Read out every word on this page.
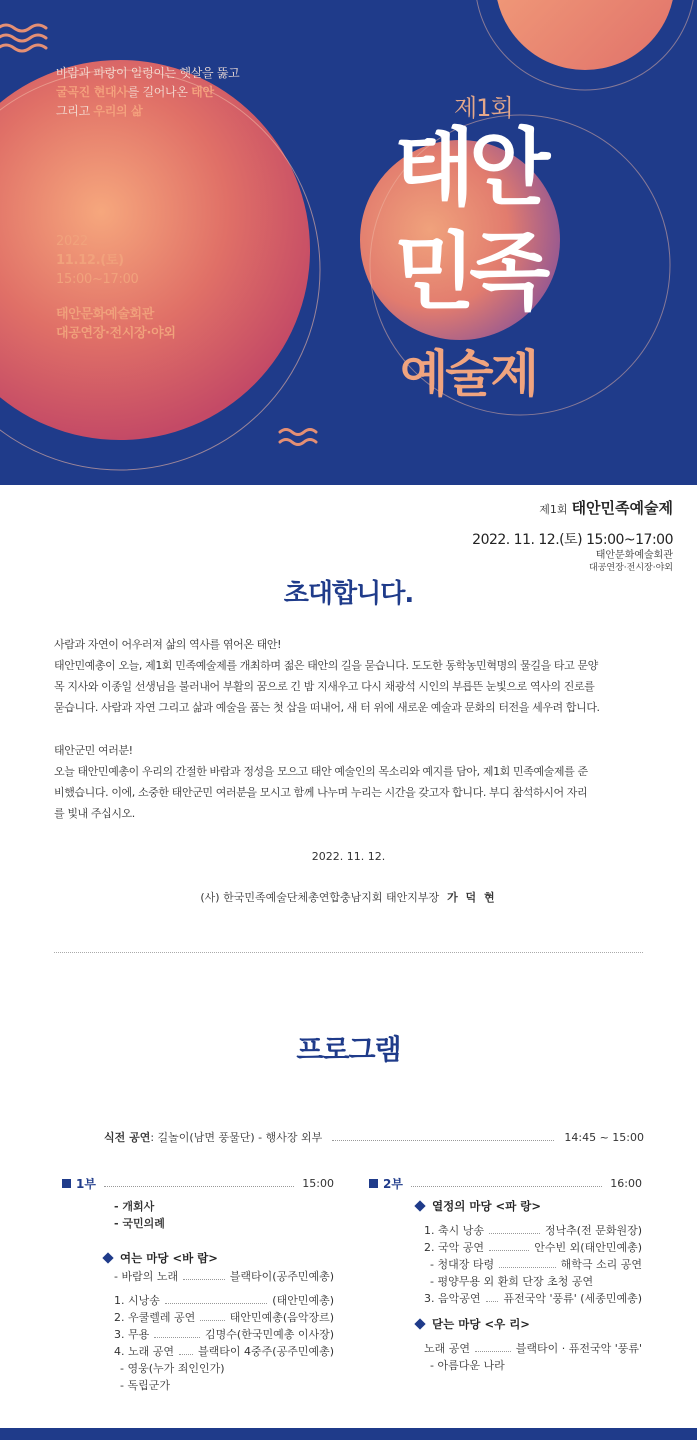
바람과 파랑이 일렁이는 햇살을 뚫고
굴곡진 현대사를 길어나온 태안
그리고 우리의 삶
2022
11.12.(토)
15:00~17:00
태안문화예술회관
대공연장·전시장·야외
제1회
태안
민족
예술제
제1회 태안민족예술제
2022. 11. 12.(토) 15:00~17:00
태안문화예술회관
대공연장·전시장·야외
초대합니다.
사람과 자연이 어우러져 삶의 역사를 엮어온 태안!
태안민예총이 오늘, 제1회 민족예술제를 개최하며 젊은 태안의 길을 묻습니다. 도도한 동학농민혁명의 물길을 타고 문양
목 지사와 이종일 선생님을 불러내어 부활의 꿈으로 긴 밤 지새우고 다시 채광석 시인의 부릅뜬 눈빛으로 역사의 진로를
묻습니다. 사람과 자연 그리고 삶과 예술을 품는 첫 삽을 떠내어, 새 터 위에 새로운 예술과 문화의 터전을 세우려 합니다.
태안군민 여러분!
오늘 태안민예총이 우리의 간절한 바람과 정성을 모으고 태안 예술인의 목소리와 예지를 담아, 제1회 민족예술제를 준
비했습니다. 이에, 소중한 태안군민 여러분을 모시고 함께 나누며 누리는 시간을 갖고자 합니다. 부디 참석하시어 자리
를 빛내 주십시오.
2022. 11. 12.
(사) 한국민족예술단체총연합충남지회 태안지부장 가 덕 현
프로그램
식전 공연 : 길놀이(남면 풍물단) - 행사장 외부	14:45 ~ 15:00
1부	15:00
- 개회사
- 국민의례
여는 마당 <바 람>
- 바람의 노래	블랙타이(공주민예총)
1. 시낭송	(태안민예총)
2. 우쿨렐레 공연	태안민예총(음악장르)
3. 무용	김명수(한국민예총 이사장)
4. 노래 공연 블랙타이 4중주(공주민예총)
- 영웅(누가 죄인인가)
- 독립군가
2부	16:00
열정의 마당 <파 랑>
1. 축시 낭송	정낙추(전 문화원장)
2. 국악 공연	안수빈 외(태안민예총)
- 청대장 타령	해학극 소리 공연
- 평양무용 외 환희 단장 초청 공연
3. 음악공연 퓨전국악 '풍류' (세종민예총)
닫는 마당 <우 리>
노래 공연	블랙타이 · 퓨전국악 '풍류'
- 아름다운 나라
